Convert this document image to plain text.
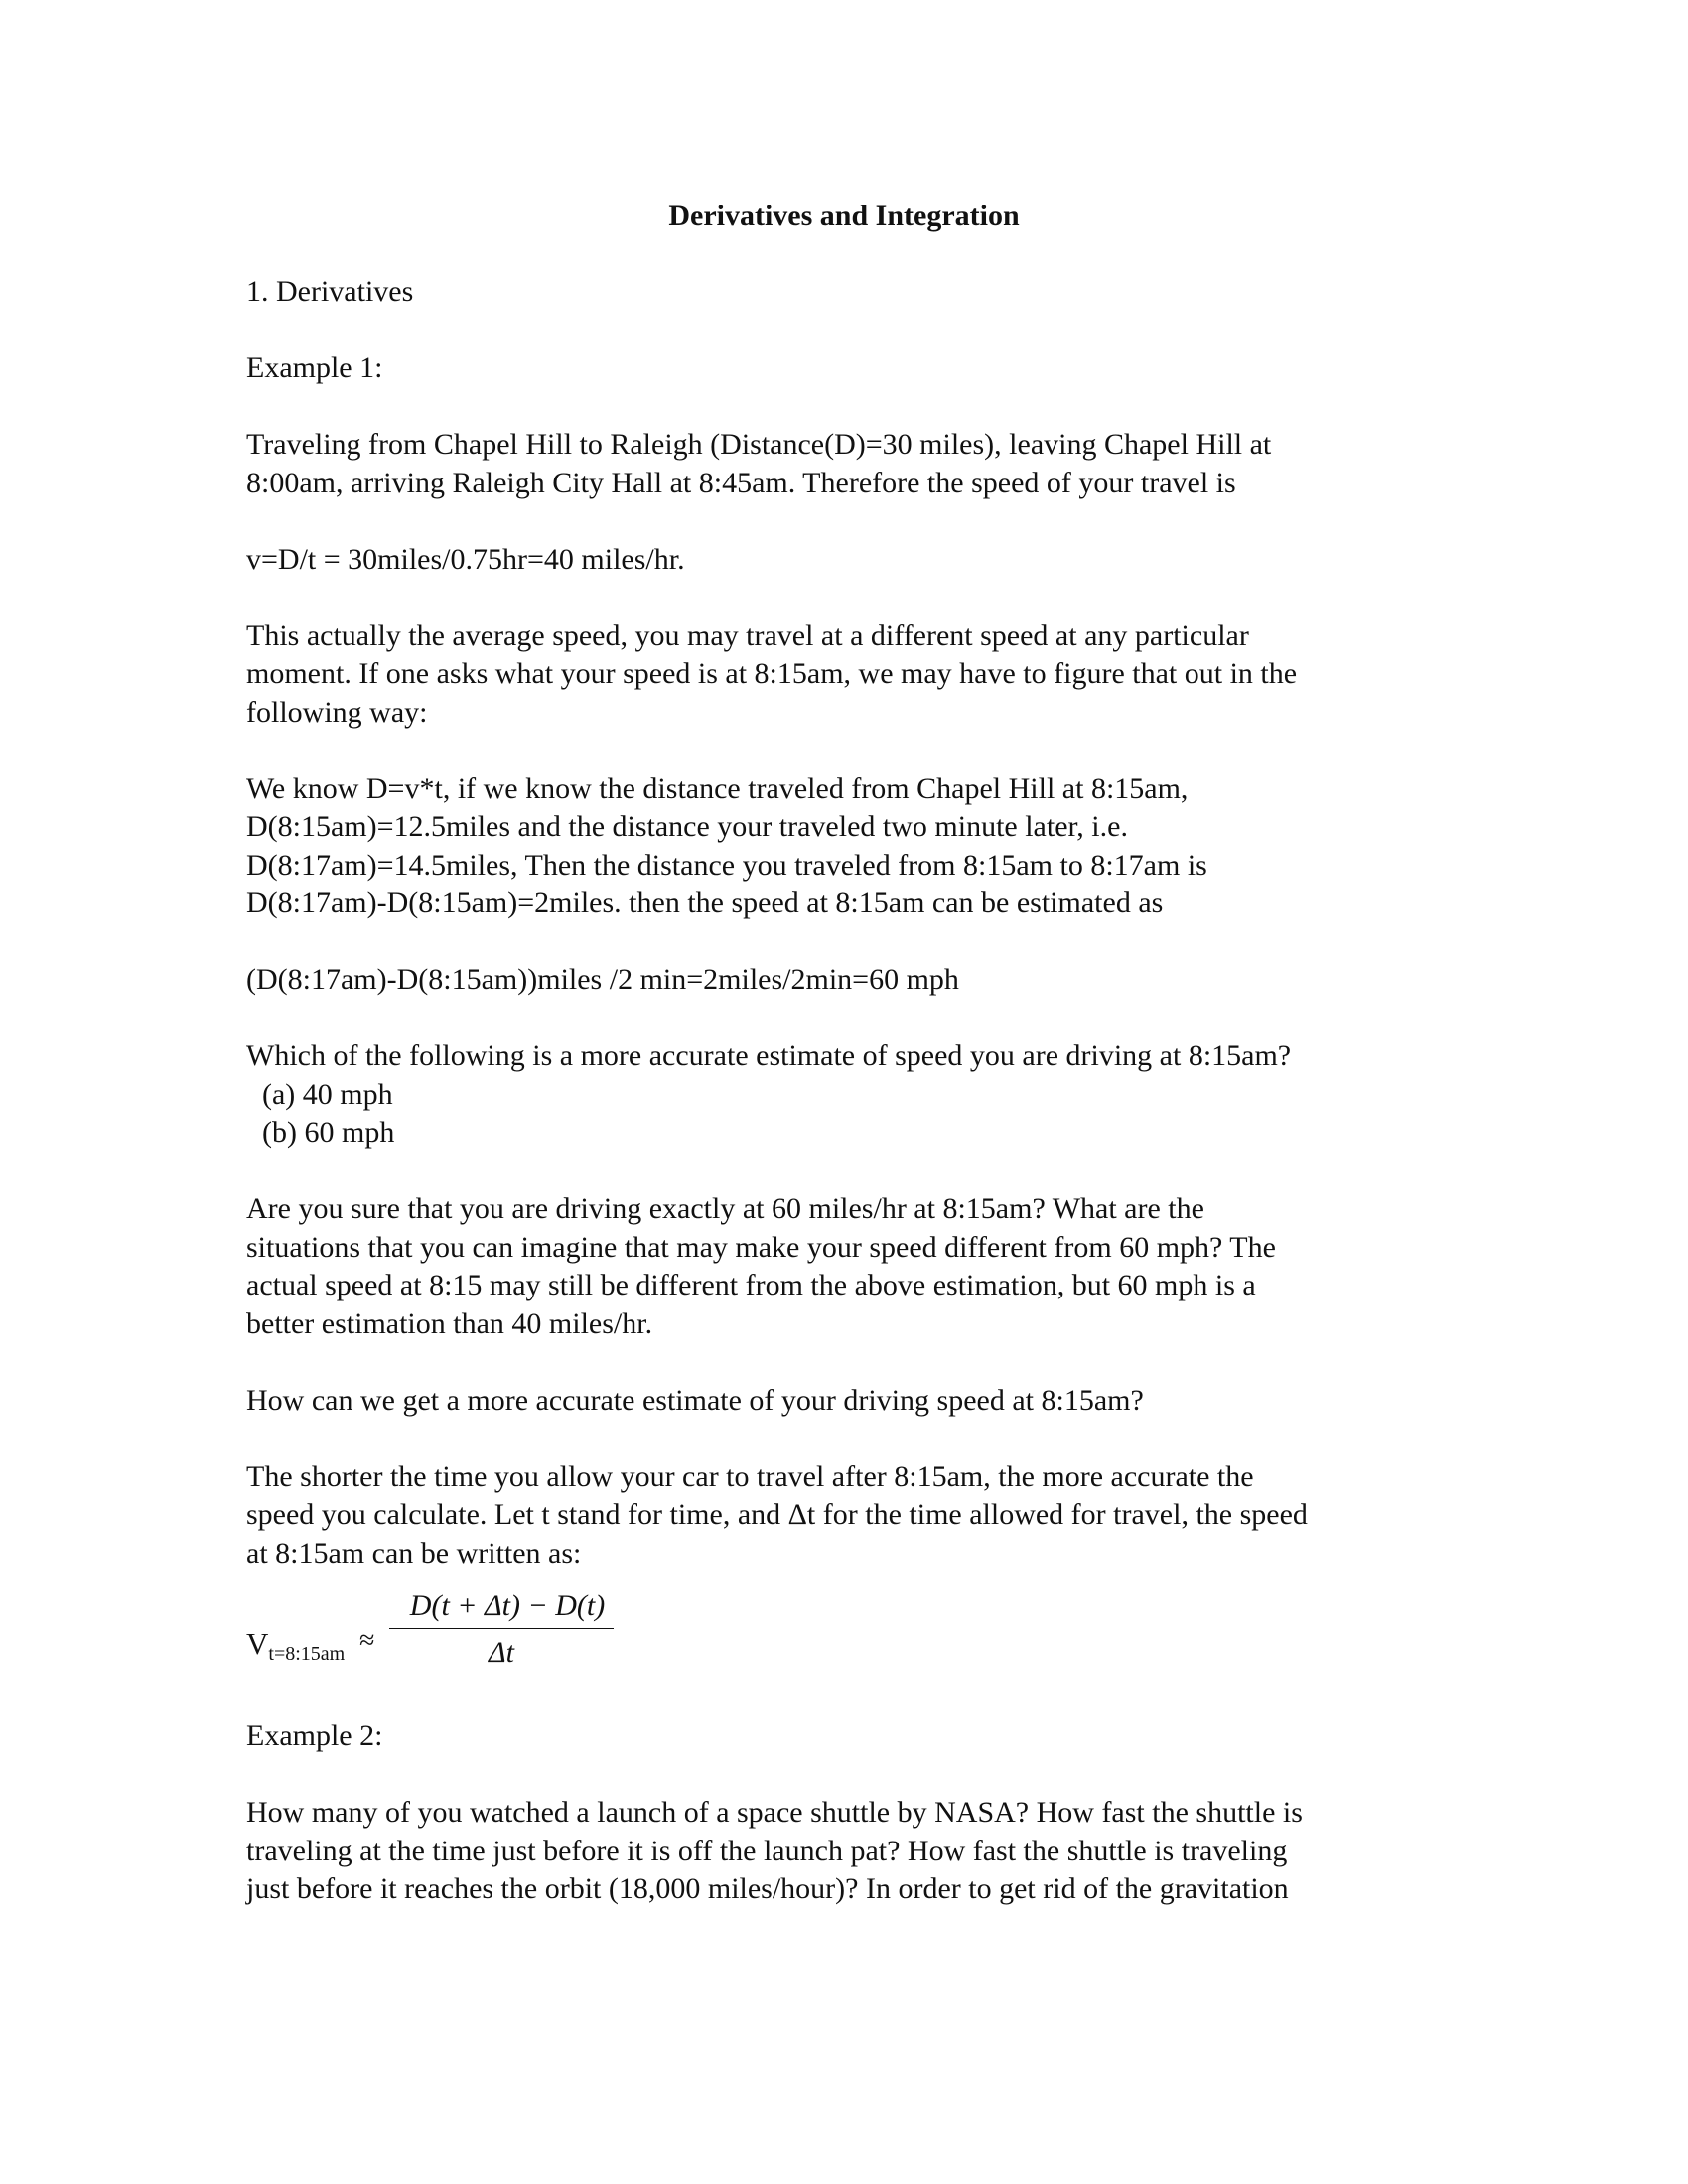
Derivatives and Integration

1. Derivatives

Example 1:

Traveling from Chapel Hill to Raleigh (Distance(D)=30 miles), leaving Chapel Hill at
8:00am, arriving Raleigh City Hall at 8:45am. Therefore the speed of your travel is

v=D/t = 30miles/0.75hr=40 miles/hr.

This actually the average speed, you may travel at a different speed at any particular
moment. If one asks what your speed is at 8:15am, we may have to figure that out in the
following way:

We know D=v*t, if we know the distance traveled from Chapel Hill at 8:15am,
D(8:15am)=12.5miles and the distance your traveled two minute later, i.e.
D(8:17am)=14.5miles, Then the distance you traveled from 8:15am to 8:17am is
D(8:17am)-D(8:15am)=2miles. then the speed at 8:15am can be estimated as

(D(8:17am)-D(8:15am))miles /2 min=2miles/2min=60 mph

Which of the following is a more accurate estimate of speed you are driving at 8:15am?

(a) 40 mph
(b) 60 mph

Are you sure that you are driving exactly at 60 miles/hr at 8:15am? What are the
situations that you can imagine that may make your speed different from 60 mph? The
actual speed at 8:15 may still be different from the above estimation, but 60 mph is a
better estimation than 40 miles/hr.

How can we get a more accurate estimate of your driving speed at 8:15am?

The shorter the time you allow your car to travel after 8:15am, the more accurate the
speed you calculate. Let t stand for time, and Δt for the time allowed for travel, the speed
at 8:15am can be written as:

$V_{t=8:15am}$ ≈
D(t + Δt) − D(t)
Δt

Example 2:

How many of you watched a launch of a space shuttle by NASA? How fast the shuttle is
traveling at the time just before it is off the launch pat? How fast the shuttle is traveling
just before it reaches the orbit (18,000 miles/hour)? In order to get rid of the gravitation
